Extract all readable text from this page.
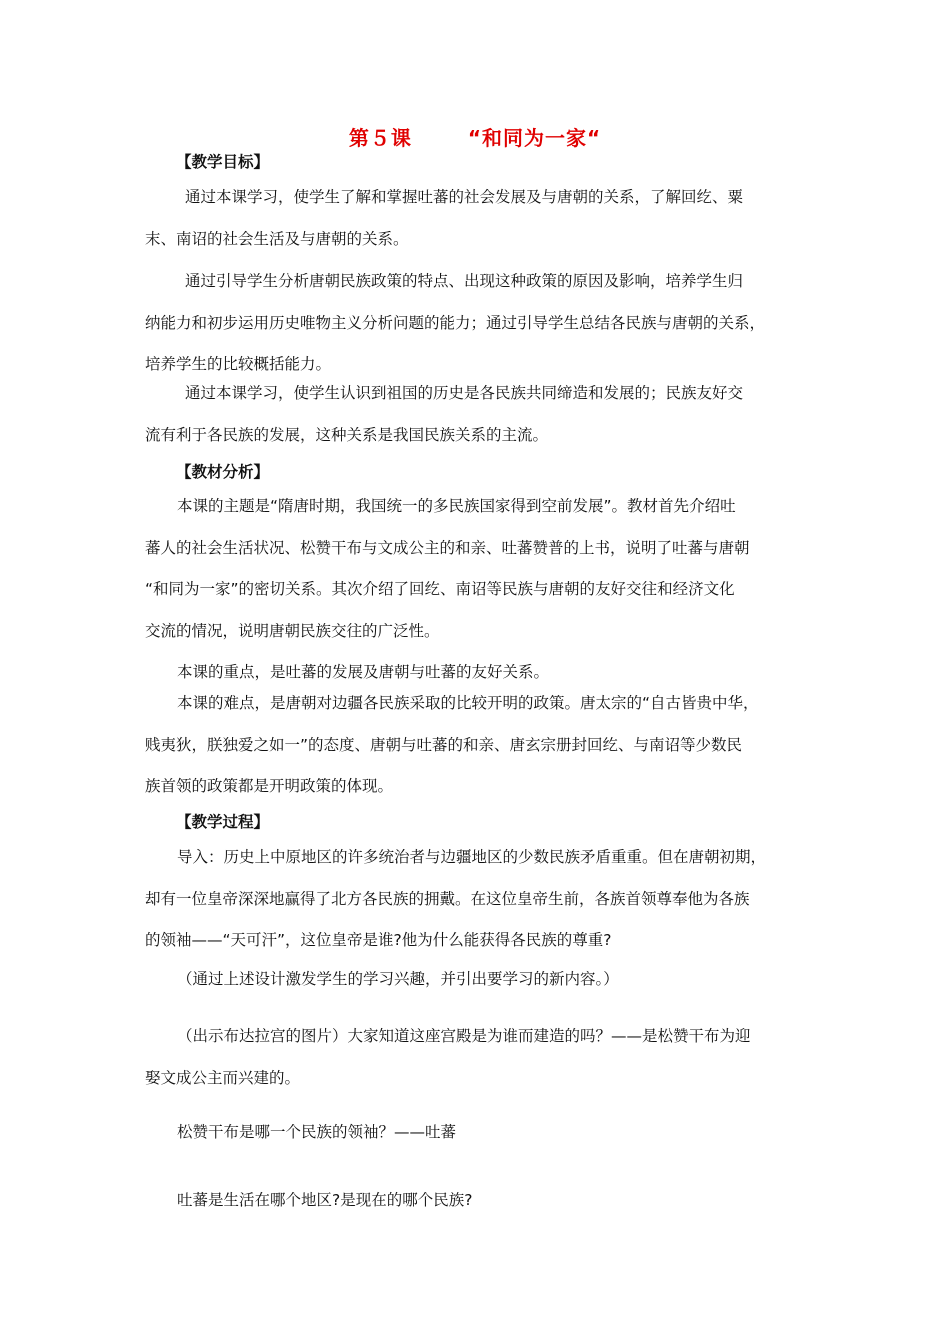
第５课	“和同为一家“
【教学目标】
通过本课学习，使学生了解和掌握吐蕃的社会发展及与唐朝的关系，了解回纥、粟
末、南诏的社会生活及与唐朝的关系。
通过引导学生分析唐朝民族政策的特点、出现这种政策的原因及影响，培养学生归
纳能力和初步运用历史唯物主义分析问题的能力；通过引导学生总结各民族与唐朝的关系，
培养学生的比较概括能力。
通过本课学习，使学生认识到祖国的历史是各民族共同缔造和发展的；民族友好交
流有利于各民族的发展，这种关系是我国民族关系的主流。
【教材分析】
本课的主题是“隋唐时期，我国统一的多民族国家得到空前发展”。教材首先介绍吐
蕃人的社会生活状况、松赞干布与文成公主的和亲、吐蕃赞普的上书，说明了吐蕃与唐朝
“和同为一家”的密切关系。其次介绍了回纥、南诏等民族与唐朝的友好交往和经济文化
交流的情况，说明唐朝民族交往的广泛性。
本课的重点，是吐蕃的发展及唐朝与吐蕃的友好关系。
本课的难点，是唐朝对边疆各民族采取的比较开明的政策。唐太宗的“自古皆贵中华，
贱夷狄，朕独爱之如一”的态度、唐朝与吐蕃的和亲、唐玄宗册封回纥、与南诏等少数民
族首领的政策都是开明政策的体现。
【教学过程】
导入：历史上中原地区的许多统治者与边疆地区的少数民族矛盾重重。但在唐朝初期，
却有一位皇帝深深地赢得了北方各民族的拥戴。在这位皇帝生前，各族首领尊奉他为各族
的领袖——“天可汗”，这位皇帝是谁?他为什么能获得各民族的尊重?
（通过上述设计激发学生的学习兴趣，并引出要学习的新内容。）
（出示布达拉宫的图片）大家知道这座宫殿是为谁而建造的吗？——是松赞干布为迎
娶文成公主而兴建的。
松赞干布是哪一个民族的领袖？——吐蕃
吐蕃是生活在哪个地区?是现在的哪个民族?
